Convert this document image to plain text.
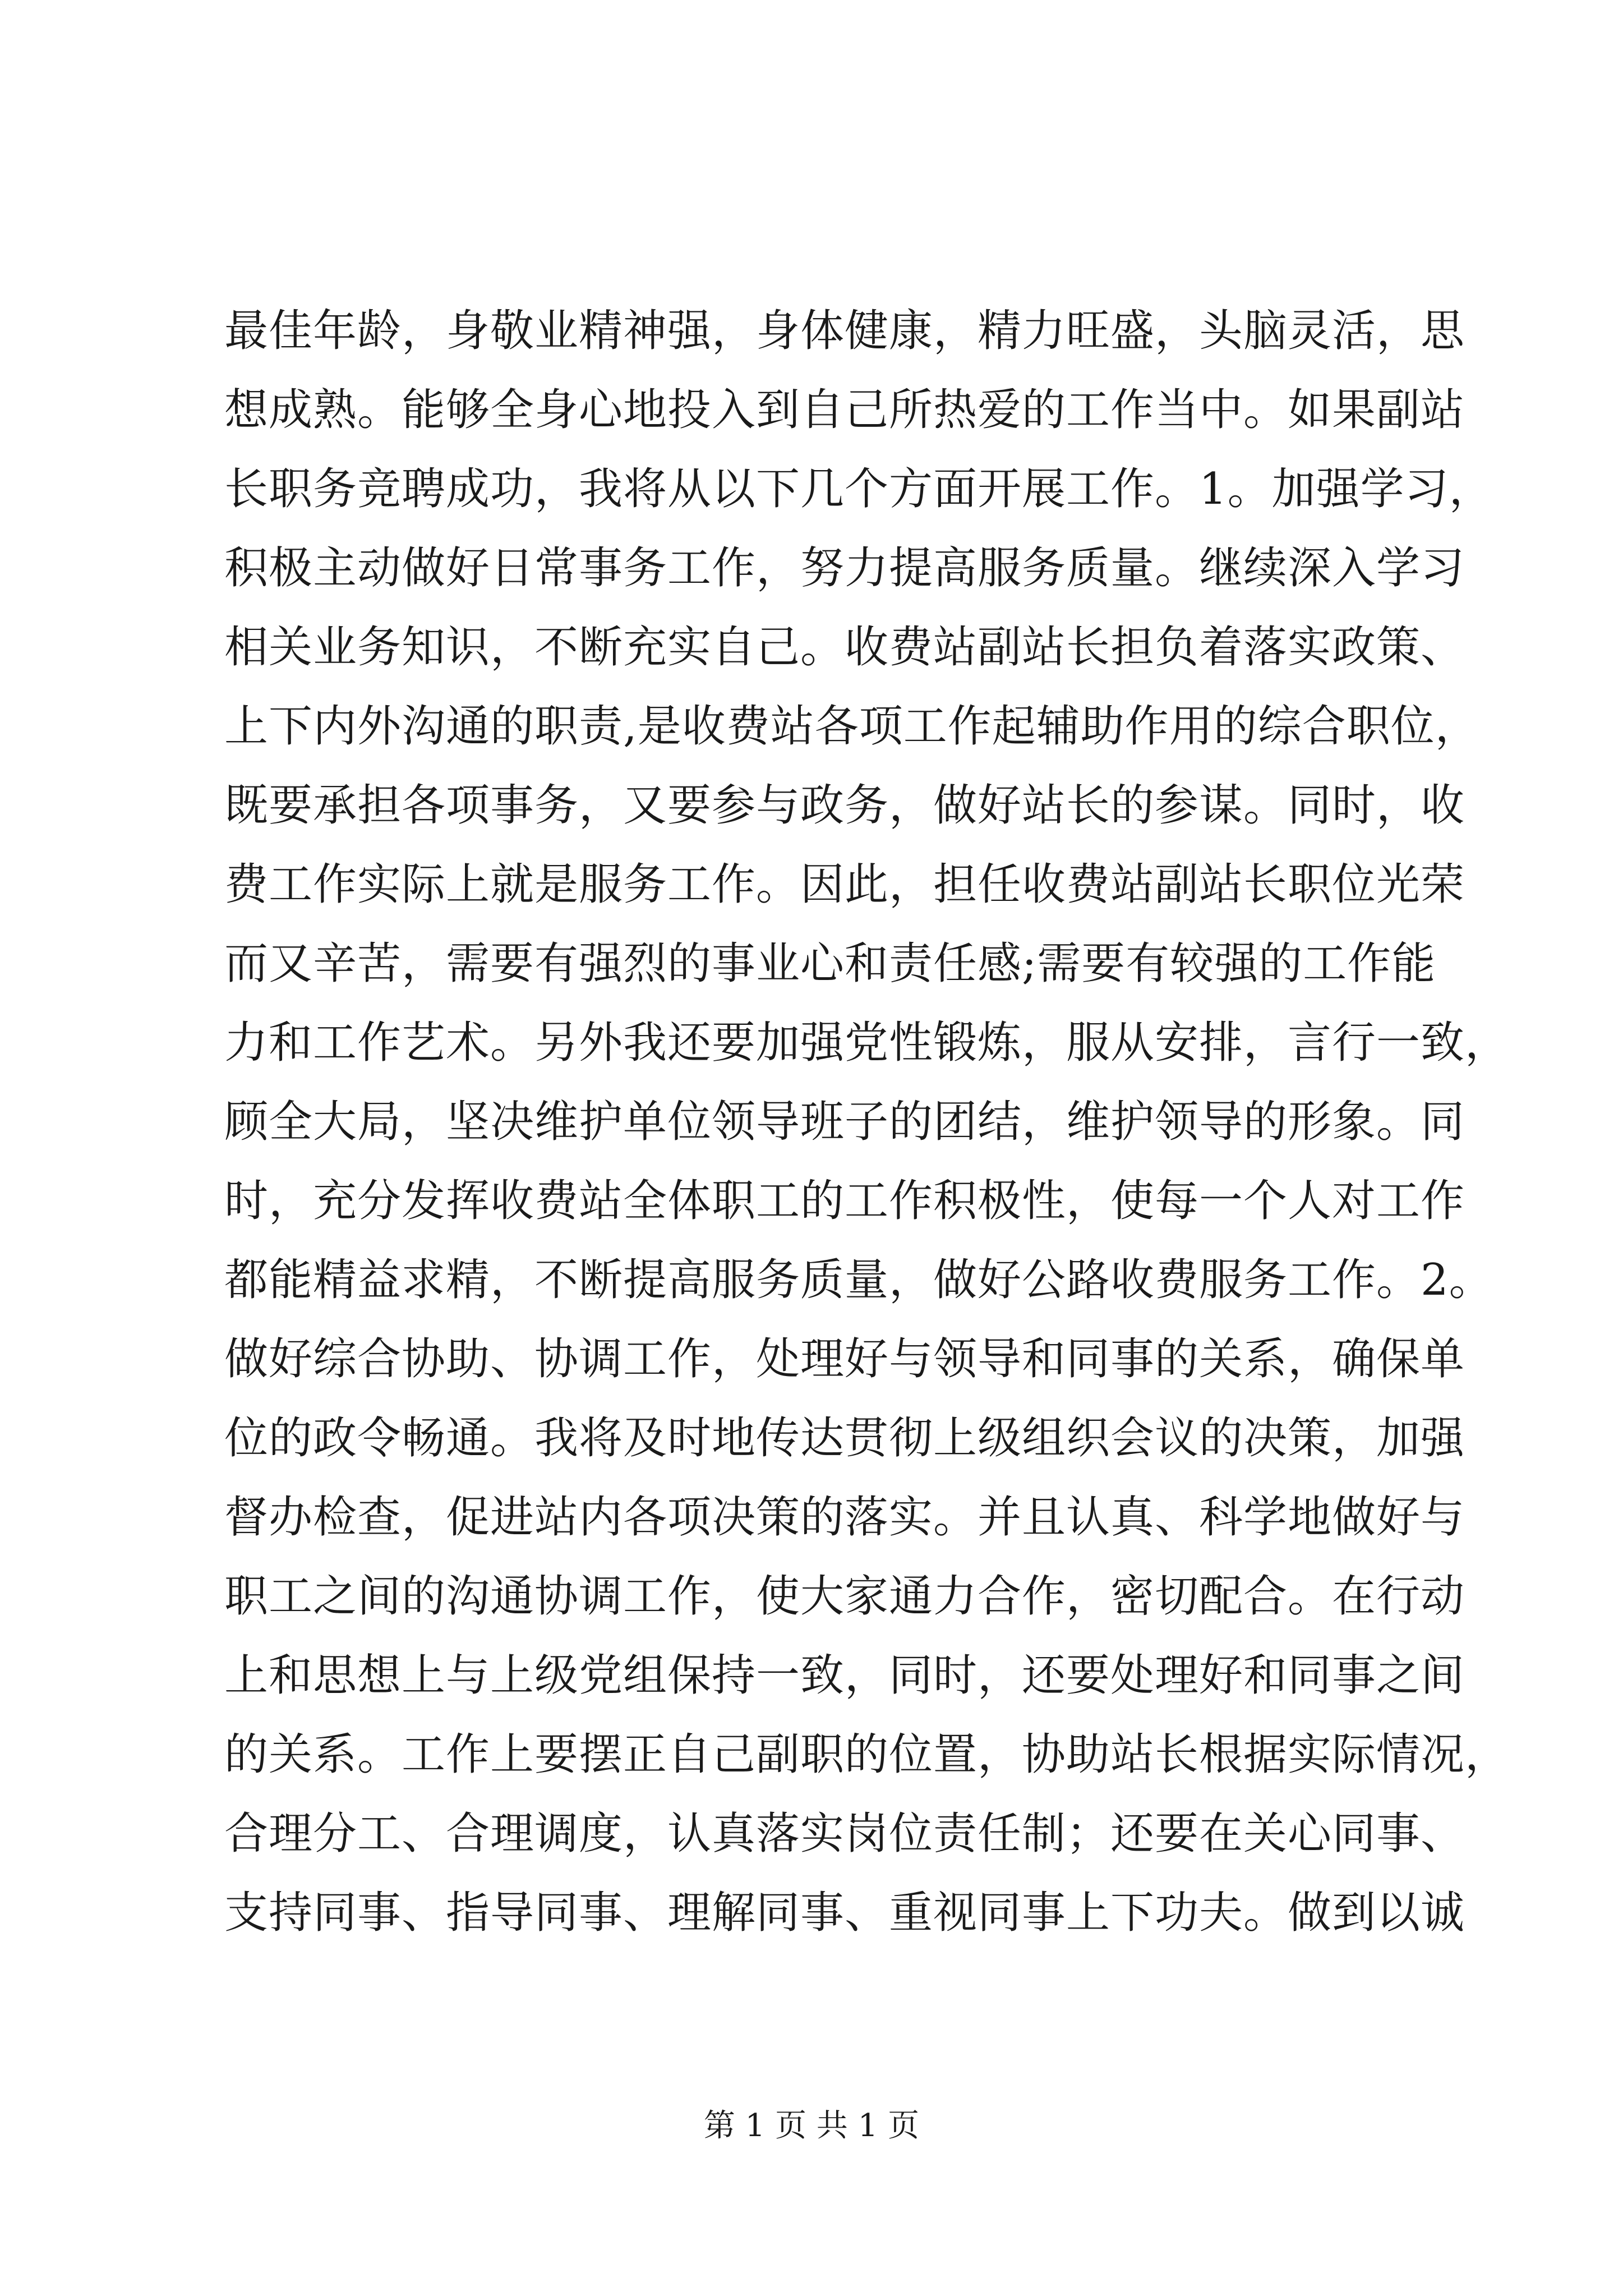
最佳年龄，身敬业精神强，身体健康，精力旺盛，头脑灵活，思
想成熟。能够全身心地投入到自己所热爱的工作当中。如果副站
长职务竞聘成功，我将从以下几个方面开展工作。1。加强学习，
积极主动做好日常事务工作，努力提高服务质量。继续深入学习
相关业务知识，不断充实自己。收费站副站长担负着落实政策、
上下内外沟通的职责,是收费站各项工作起辅助作用的综合职位，
既要承担各项事务，又要参与政务，做好站长的参谋。同时，收
费工作实际上就是服务工作。因此，担任收费站副站长职位光荣
而又辛苦，需要有强烈的事业心和责任感;需要有较强的工作能
力和工作艺术。另外我还要加强党性锻炼，服从安排，言行一致，
顾全大局，坚决维护单位领导班子的团结，维护领导的形象。同
时，充分发挥收费站全体职工的工作积极性，使每一个人对工作
都能精益求精，不断提高服务质量，做好公路收费服务工作。2。
做好综合协助、协调工作，处理好与领导和同事的关系，确保单
位的政令畅通。我将及时地传达贯彻上级组织会议的决策，加强
督办检查，促进站内各项决策的落实。并且认真、科学地做好与
职工之间的沟通协调工作，使大家通力合作，密切配合。在行动
上和思想上与上级党组保持一致，同时，还要处理好和同事之间
的关系。工作上要摆正自己副职的位置，协助站长根据实际情况，
合理分工、合理调度，认真落实岗位责任制；还要在关心同事、
支持同事、指导同事、理解同事、重视同事上下功夫。做到以诚
第 1 页 共 1 页
